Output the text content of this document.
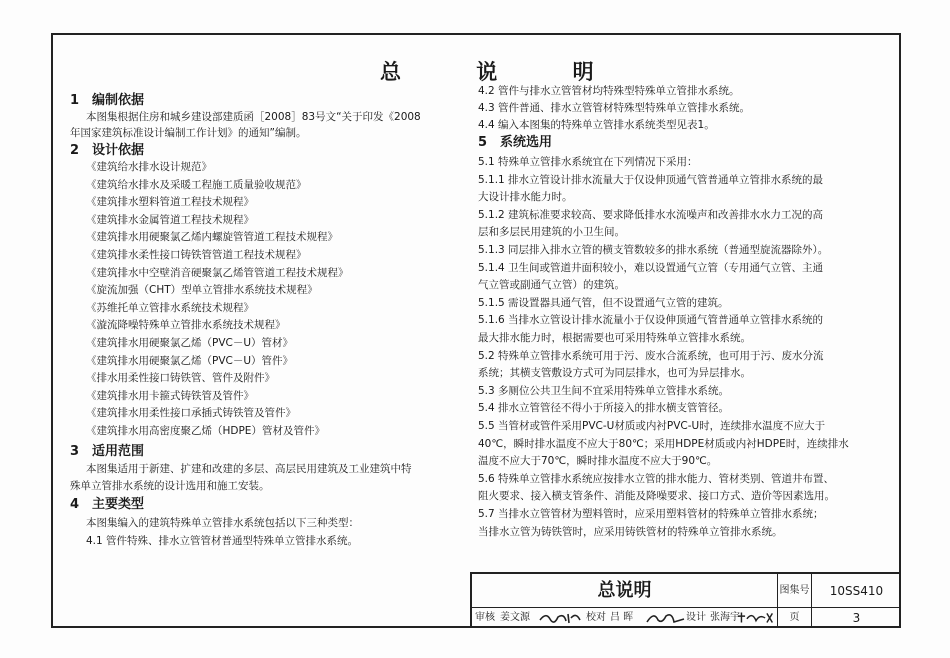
总 说 明
1 编制依据
本图集根据住房和城乡建设部建质函［2008］83号文“关于印发《2008
年国家建筑标准设计编制工作计划》的通知”编制。
2 设计依据
《建筑给水排水设计规范》
《建筑给水排水及采暖工程施工质量验收规范》
《建筑排水塑料管道工程技术规程》
《建筑排水金属管道工程技术规程》
《建筑排水用硬聚氯乙烯内螺旋管管道工程技术规程》
《建筑排水柔性接口铸铁管管道工程技术规程》
《建筑排水中空壁消音硬聚氯乙烯管管道工程技术规程》
《旋流加强（CHT）型单立管排水系统技术规程》
《苏维托单立管排水系统技术规程》
《漩流降噪特殊单立管排水系统技术规程》
《建筑排水用硬聚氯乙烯（PVC－U）管材》
《建筑排水用硬聚氯乙烯（PVC－U）管件》
《排水用柔性接口铸铁管、管件及附件》
《建筑排水用卡箍式铸铁管及管件》
《建筑排水用柔性接口承插式铸铁管及管件》
《建筑排水用高密度聚乙烯（HDPE）管材及管件》
3 适用范围
本图集适用于新建、扩建和改建的多层、高层民用建筑及工业建筑中特
殊单立管排水系统的设计选用和施工安装。
4 主要类型
本图集编入的建筑特殊单立管排水系统包括以下三种类型：
4.1 管件特殊、排水立管管材普通型特殊单立管排水系统。
4.2 管件与排水立管管材均特殊型特殊单立管排水系统。
4.3 管件普通、排水立管管材特殊型特殊单立管排水系统。
4.4 编入本图集的特殊单立管排水系统类型见表1。
5 系统选用
5.1 特殊单立管排水系统宜在下列情况下采用：
5.1.1 排水立管设计排水流量大于仅设伸顶通气管普通单立管排水系统的最
大设计排水能力时。
5.1.2 建筑标准要求较高、要求降低排水水流噪声和改善排水水力工况的高
层和多层民用建筑的小卫生间。
5.1.3 同层排入排水立管的横支管数较多的排水系统（普通型旋流器除外）。
5.1.4 卫生间或管道井面积较小，难以设置通气立管（专用通气立管、主通
气立管或副通气立管）的建筑。
5.1.5 需设置器具通气管，但不设置通气立管的建筑。
5.1.6 当排水立管设计排水流量小于仅设伸顶通气管普通单立管排水系统的
最大排水能力时，根据需要也可采用特殊单立管排水系统。
5.2 特殊单立管排水系统可用于污、废水合流系统，也可用于污、废水分流
系统；其横支管敷设方式可为同层排水，也可为异层排水。
5.3 多厕位公共卫生间不宜采用特殊单立管排水系统。
5.4 排水立管管径不得小于所接入的排水横支管管径。
5.5 当管材或管件采用PVC-U材质或内衬PVC-U时，连续排水温度不应大于
40℃，瞬时排水温度不应大于80℃；采用HDPE材质或内衬HDPE时，连续排水
温度不应大于70℃，瞬时排水温度不应大于90℃。
5.6 特殊单立管排水系统应按排水立管的排水能力、管材类别、管道井布置、
阻火要求、接入横支管条件、消能及降噪要求、接口方式、造价等因素选用。
5.7 当排水立管管材为塑料管时，应采用塑料管材的特殊单立管排水系统；
当排水立管为铸铁管时，应采用铸铁管材的特殊单立管排水系统。
总说明	图集号	10SS410
审核 姜文源	校对 吕 晖	设计 张海宇	页	3
